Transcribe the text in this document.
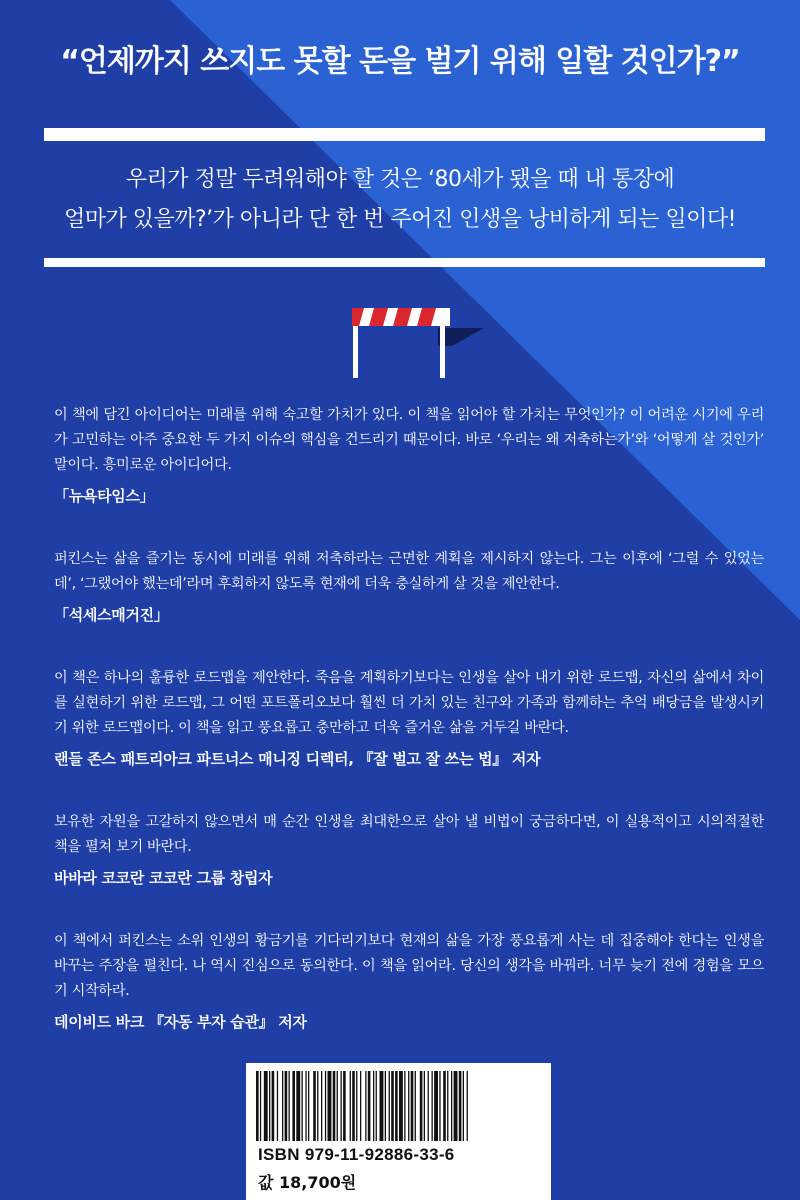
“언제까지 쓰지도 못할 돈을 벌기 위해 일할 것인가?”
우리가 정말 두려워해야 할 것은 ‘80세가 됐을 때 내 통장에
얼마가 있을까?’가 아니라 단 한 번 주어진 인생을 낭비하게 되는 일이다!

이 책에 담긴 아이디어는 미래를 위해 숙고할 가치가 있다. 이 책을 읽어야 할 가치는 무엇인가? 이 어려운 시기에 우리가 고민하는 아주 중요한 두 가지 이슈의 핵심을 건드리기 때문이다. 바로 ‘우리는 왜 저축하는가’와 ‘어떻게 살 것인가’ 말이다. 흥미로운 아이디어다.

「뉴욕타임스」

퍼킨스는 삶을 즐기는 동시에 미래를 위해 저축하라는 근면한 계획을 제시하지 않는다. 그는 이후에 ‘그럴 수 있었는데’, ‘그랬어야 했는데’라며 후회하지 않도록 현재에 더욱 충실하게 살 것을 제안한다.

「석세스매거진」

이 책은 하나의 훌륭한 로드맵을 제안한다. 죽음을 계획하기보다는 인생을 살아 내기 위한 로드맵, 자신의 삶에서 차이를 실현하기 위한 로드맵, 그 어떤 포트폴리오보다 훨씬 더 가치 있는 친구와 가족과 함께하는 추억 배당금을 발생시키기 위한 로드맵이다. 이 책을 읽고 풍요롭고 충만하고 더욱 즐거운 삶을 거두길 바란다.

랜들 존스 패트리아크 파트너스 매니징 디렉터, 『잘 벌고 잘 쓰는 법』 저자

보유한 자원을 고갈하지 않으면서 매 순간 인생을 최대한으로 살아 낼 비법이 궁금하다면, 이 실용적이고 시의적절한 책을 펼쳐 보기 바란다.

바바라 코코란 코코란 그룹 창립자

이 책에서 퍼킨스는 소위 인생의 황금기를 기다리기보다 현재의 삶을 가장 풍요롭게 사는 데 집중해야 한다는 인생을 바꾸는 주장을 펼친다. 나 역시 진심으로 동의한다. 이 책을 읽어라. 당신의 생각을 바꿔라. 너무 늦기 전에 경험을 모으기 시작하라.

데이비드 바크 『자동 부자 습관』 저자

ISBN 979-11-92886-33-6
값 18,700원
